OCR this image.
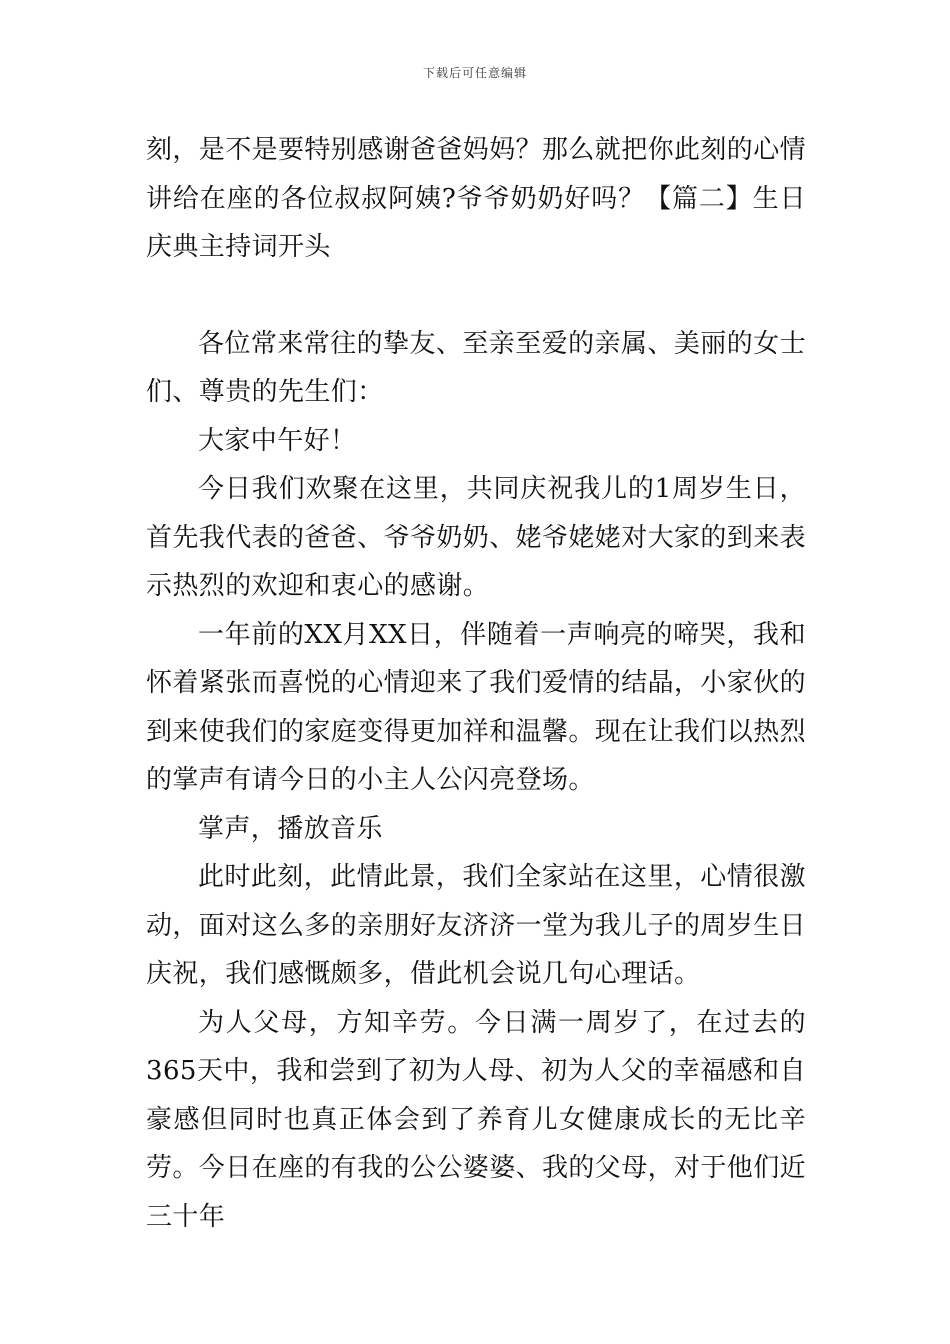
下载后可任意编辑

刻，是不是要特别感谢爸爸妈妈？那么就把你此刻的心情讲给在座的各位叔叔阿姨?爷爷奶奶好吗？【篇二】生日庆典主持词开头

各位常来常往的挚友、至亲至爱的亲属、美丽的女士们、尊贵的先生们：

大家中午好！

今日我们欢聚在这里，共同庆祝我儿的1周岁生日，首先我代表的爸爸、爷爷奶奶、姥爷姥姥对大家的到来表示热烈的欢迎和衷心的感谢。

一年前的XX月XX日，伴随着一声响亮的啼哭，我和怀着紧张而喜悦的心情迎来了我们爱情的结晶，小家伙的到来使我们的家庭变得更加祥和温馨。现在让我们以热烈的掌声有请今日的小主人公闪亮登场。

掌声，播放音乐

此时此刻，此情此景，我们全家站在这里，心情很激动，面对这么多的亲朋好友济济一堂为我儿子的周岁生日庆祝，我们感慨颇多，借此机会说几句心理话。

为人父母，方知辛劳。今日满一周岁了，在过去的365天中，我和尝到了初为人母、初为人父的幸福感和自豪感但同时也真正体会到了养育儿女健康成长的无比辛劳。今日在座的有我的公公婆婆、我的父母，对于他们近三十年
